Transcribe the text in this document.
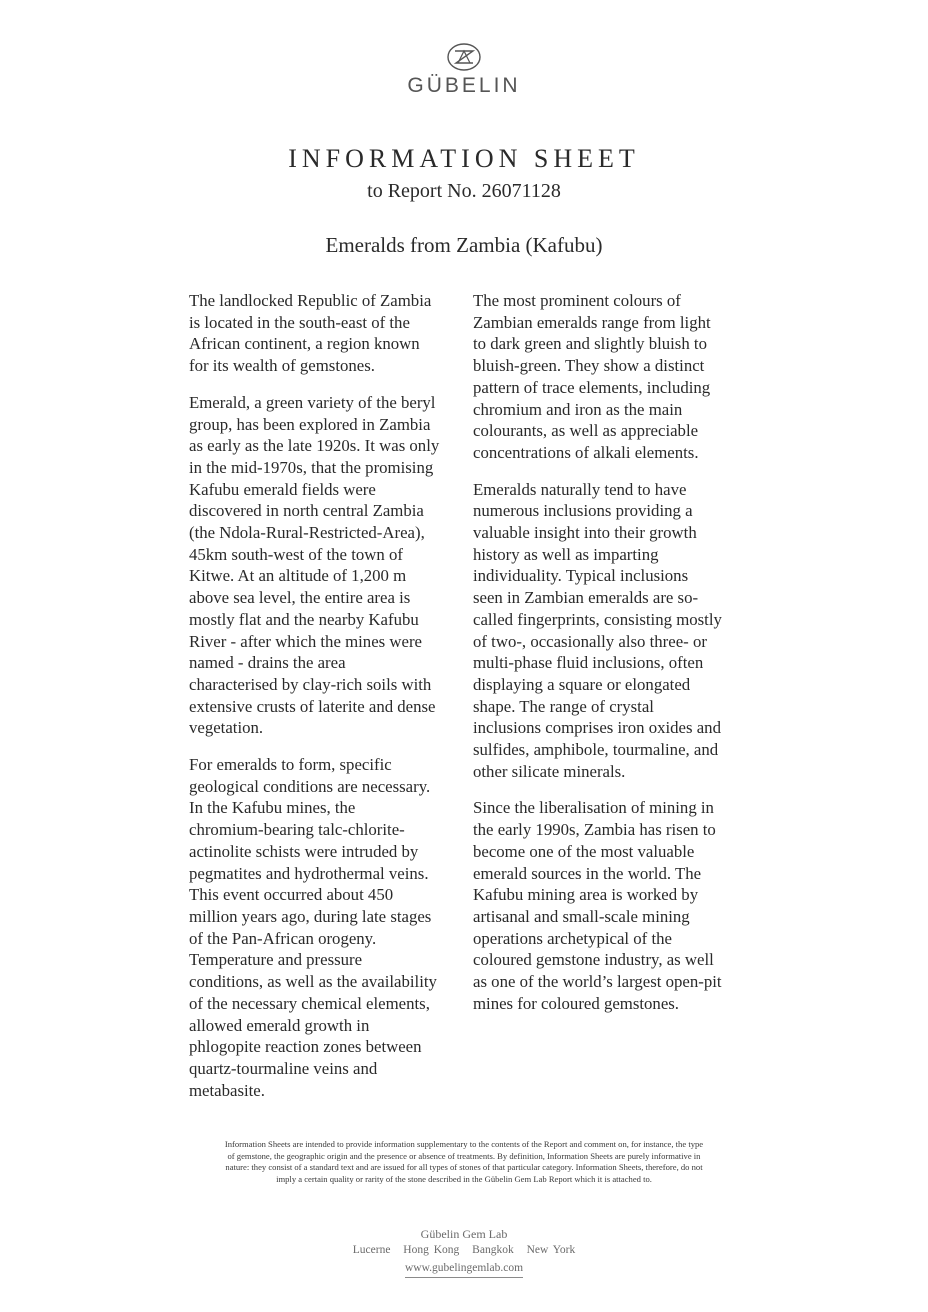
GÜBELIN
INFORMATION SHEET
to Report No. 26071128
Emeralds from Zambia (Kafubu)

The landlocked Republic of Zambia
is located in the south-east of the
African continent, a region known
for its wealth of gemstones.

Emerald, a green variety of the beryl
group, has been explored in Zambia
as early as the late 1920s. It was only
in the mid-1970s, that the promising
Kafubu emerald fields were
discovered in north central Zambia
(the Ndola-Rural-Restricted-Area),
45km south-west of the town of
Kitwe. At an altitude of 1,200 m
above sea level, the entire area is
mostly flat and the nearby Kafubu
River - after which the mines were
named - drains the area
characterised by clay-rich soils with
extensive crusts of laterite and dense
vegetation.

For emeralds to form, specific
geological conditions are necessary.
In the Kafubu mines, the
chromium-bearing talc-chlorite-
actinolite schists were intruded by
pegmatites and hydrothermal veins.
This event occurred about 450
million years ago, during late stages
of the Pan-African orogeny.
Temperature and pressure
conditions, as well as the availability
of the necessary chemical elements,
allowed emerald growth in
phlogopite reaction zones between
quartz-tourmaline veins and
metabasite.

The most prominent colours of
Zambian emeralds range from light
to dark green and slightly bluish to
bluish-green. They show a distinct
pattern of trace elements, including
chromium and iron as the main
colourants, as well as appreciable
concentrations of alkali elements.

Emeralds naturally tend to have
numerous inclusions providing a
valuable insight into their growth
history as well as imparting
individuality. Typical inclusions
seen in Zambian emeralds are so-
called fingerprints, consisting mostly
of two-, occasionally also three- or
multi-phase fluid inclusions, often
displaying a square or elongated
shape. The range of crystal
inclusions comprises iron oxides and
sulfides, amphibole, tourmaline, and
other silicate minerals.

Since the liberalisation of mining in
the early 1990s, Zambia has risen to
become one of the most valuable
emerald sources in the world. The
Kafubu mining area is worked by
artisanal and small-scale mining
operations archetypical of the
coloured gemstone industry, as well
as one of the world’s largest open-pit
mines for coloured gemstones.

Information Sheets are intended to provide information supplementary to the contents of the Report and comment on, for instance, the type
of gemstone, the geographic origin and the presence or absence of treatments. By definition, Information Sheets are purely informative in
nature: they consist of a standard text and are issued for all types of stones of that particular category. Information Sheets, therefore, do not
imply a certain quality or rarity of the stone described in the Gübelin Gem Lab Report which it is attached to.
Gübelin Gem Lab
Lucerne Hong Kong Bangkok New York
www.gubelingemlab.com
